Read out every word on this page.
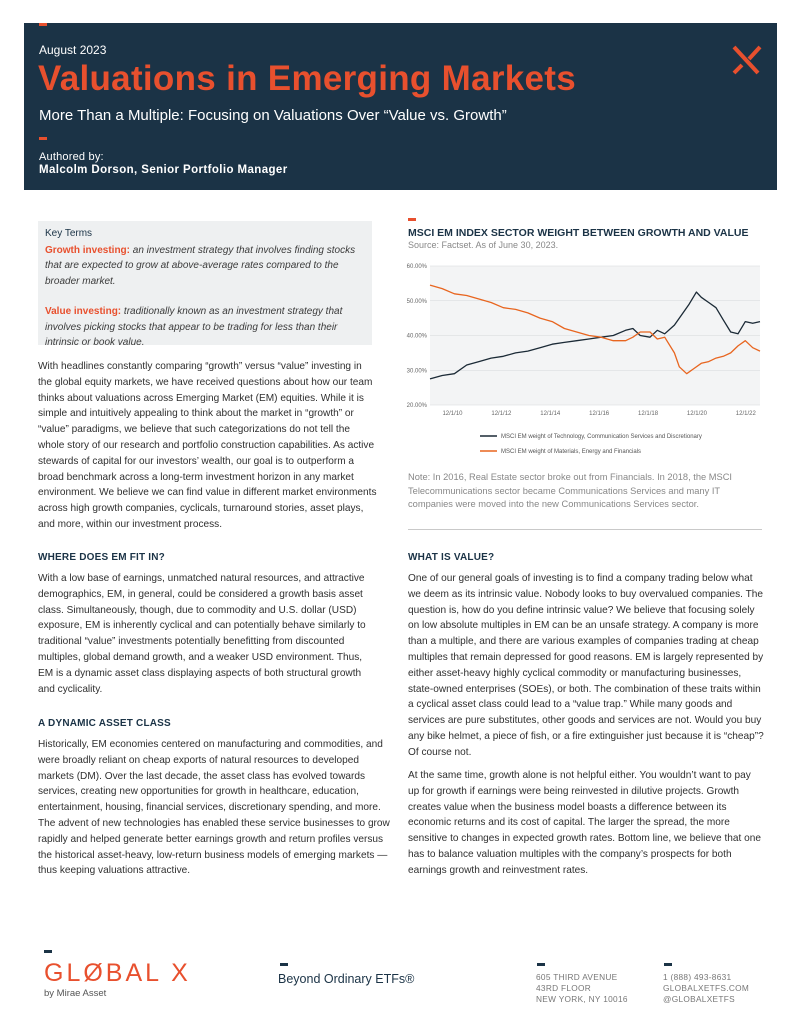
August 2023
Valuations in Emerging Markets
More Than a Multiple: Focusing on Valuations Over “Value vs. Growth”
Authored by:
Malcolm Dorson, Senior Portfolio Manager
Key Terms

Growth investing: an investment strategy that involves finding stocks that are expected to grow at above-average rates compared to the broader market.

Value investing: traditionally known as an investment strategy that involves picking stocks that appear to be trading for less than their intrinsic or book value.

With headlines constantly comparing “growth” versus “value” investing in the global equity markets, we have received questions about how our team thinks about valuations across Emerging Market (EM) equities. While it is simple and intuitively appealing to think about the market in “growth” or “value” paradigms, we believe that such categorizations do not tell the whole story of our research and portfolio construction capabilities. As active stewards of capital for our investors’ wealth, our goal is to outperform a broad benchmark across a long-term investment horizon in any market environment. We believe we can find value in different market environments across high growth companies, cyclicals, turnaround stories, asset plays, and more, within our investment process.
WHERE DOES EM FIT IN?
With a low base of earnings, unmatched natural resources, and attractive demographics, EM, in general, could be considered a growth basis asset class. Simultaneously, though, due to commodity and U.S. dollar (USD) exposure, EM is inherently cyclical and can potentially behave similarly to traditional “value” investments potentially benefitting from discounted multiples, global demand growth, and a weaker USD environment. Thus, EM is a dynamic asset class displaying aspects of both structural growth and cyclicality.
A DYNAMIC ASSET CLASS
Historically, EM economies centered on manufacturing and commodities, and were broadly reliant on cheap exports of natural resources to developed markets (DM). Over the last decade, the asset class has evolved towards services, creating new opportunities for growth in healthcare, education, entertainment, housing, financial services, discretionary spending, and more. The advent of new technologies has enabled these service businesses to grow rapidly and helped generate better earnings growth and return profiles versus the historical asset-heavy, low-return business models of emerging markets — thus keeping valuations attractive.
MSCI EM INDEX SECTOR WEIGHT BETWEEN GROWTH AND VALUE
Source: Factset. As of June 30, 2023.
20.00%
30.00%
40.00%
50.00%
60.00%
12/1/10	12/1/12	12/1/14	12/1/16	12/1/18	12/1/20	12/1/22
MSCI EM weight of Technology, Communication Services and Discretionary
MSCI EM weight of Materials, Energy and Financials
Note: In 2016, Real Estate sector broke out from Financials. In 2018, the MSCI Telecommunications sector became Communications Services and many IT companies were moved into the new Communications Services sector.
WHAT IS VALUE?
One of our general goals of investing is to find a company trading below what we deem as its intrinsic value. Nobody looks to buy overvalued companies. The question is, how do you define intrinsic value? We believe that focusing solely on low absolute multiples in EM can be an unsafe strategy. A company is more than a multiple, and there are various examples of companies trading at cheap multiples that remain depressed for good reasons. EM is largely represented by either asset-heavy highly cyclical commodity or manufacturing businesses, state-owned enterprises (SOEs), or both. The combination of these traits within a cyclical asset class could lead to a “value trap.” While many goods and services are pure substitutes, other goods and services are not. Would you buy any bike helmet, a piece of fish, or a fire extinguisher just because it is “cheap”? Of course not.
At the same time, growth alone is not helpful either. You wouldn’t want to pay up for growth if earnings were being reinvested in dilutive projects. Growth creates value when the business model boasts a difference between its economic returns and its cost of capital. The larger the spread, the more sensitive to changes in expected growth rates. Bottom line, we believe that one has to balance valuation multiples with the company’s prospects for both earnings growth and reinvestment rates.
GLØBAL X
by Mirae Asset
Beyond Ordinary ETFs®	605 THIRD AVENUE
43RD FLOOR
NEW YORK, NY 10016
1 (888) 493-8631
GLOBALXETFS.COM
@GLOBALXETFS
